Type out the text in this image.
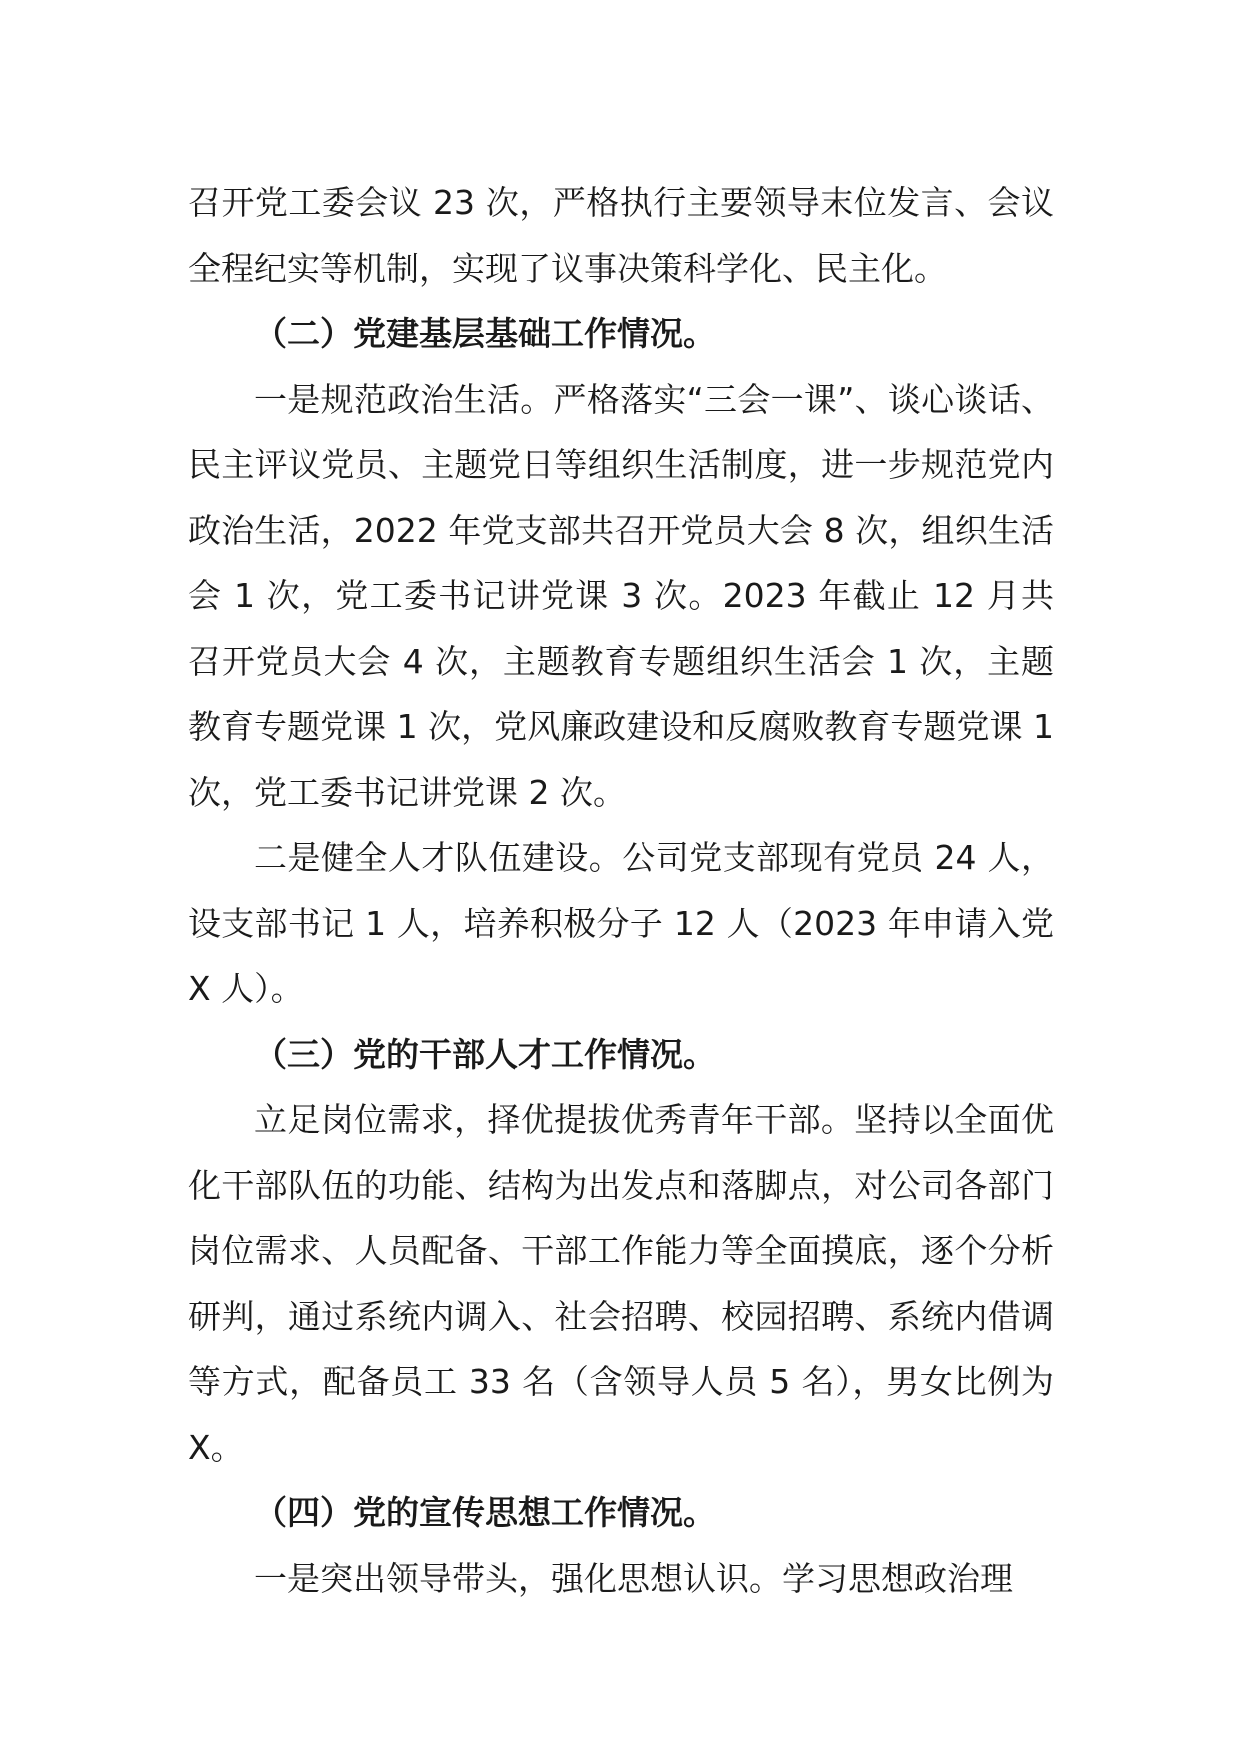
召开党工委会议 23 次，严格执行主要领导末位发言、会议全程纪实等机制，实现了议事决策科学化、民主化。

（二）党建基层基础工作情况。

一是规范政治生活。严格落实“三会一课”、谈心谈话、民主评议党员、主题党日等组织生活制度，进一步规范党内政治生活，2022 年党支部共召开党员大会 8 次，组织生活会 1 次，党工委书记讲党课 3 次。2023 年截止 12 月共召开党员大会 4 次，主题教育专题组织生活会 1 次，主题教育专题党课 1 次，党风廉政建设和反腐败教育专题党课 1 次，党工委书记讲党课 2 次。

二是健全人才队伍建设。公司党支部现有党员 24 人，设支部书记 1 人，培养积极分子 12 人（2023 年申请入党 X 人）。

（三）党的干部人才工作情况。

立足岗位需求，择优提拔优秀青年干部。坚持以全面优化干部队伍的功能、结构为出发点和落脚点，对公司各部门岗位需求、人员配备、干部工作能力等全面摸底，逐个分析研判，通过系统内调入、社会招聘、校园招聘、系统内借调等方式，配备员工 33 名（含领导人员 5 名），男女比例为 X。

（四）党的宣传思想工作情况。

一是突出领导带头，强化思想认识。学习思想政治理
